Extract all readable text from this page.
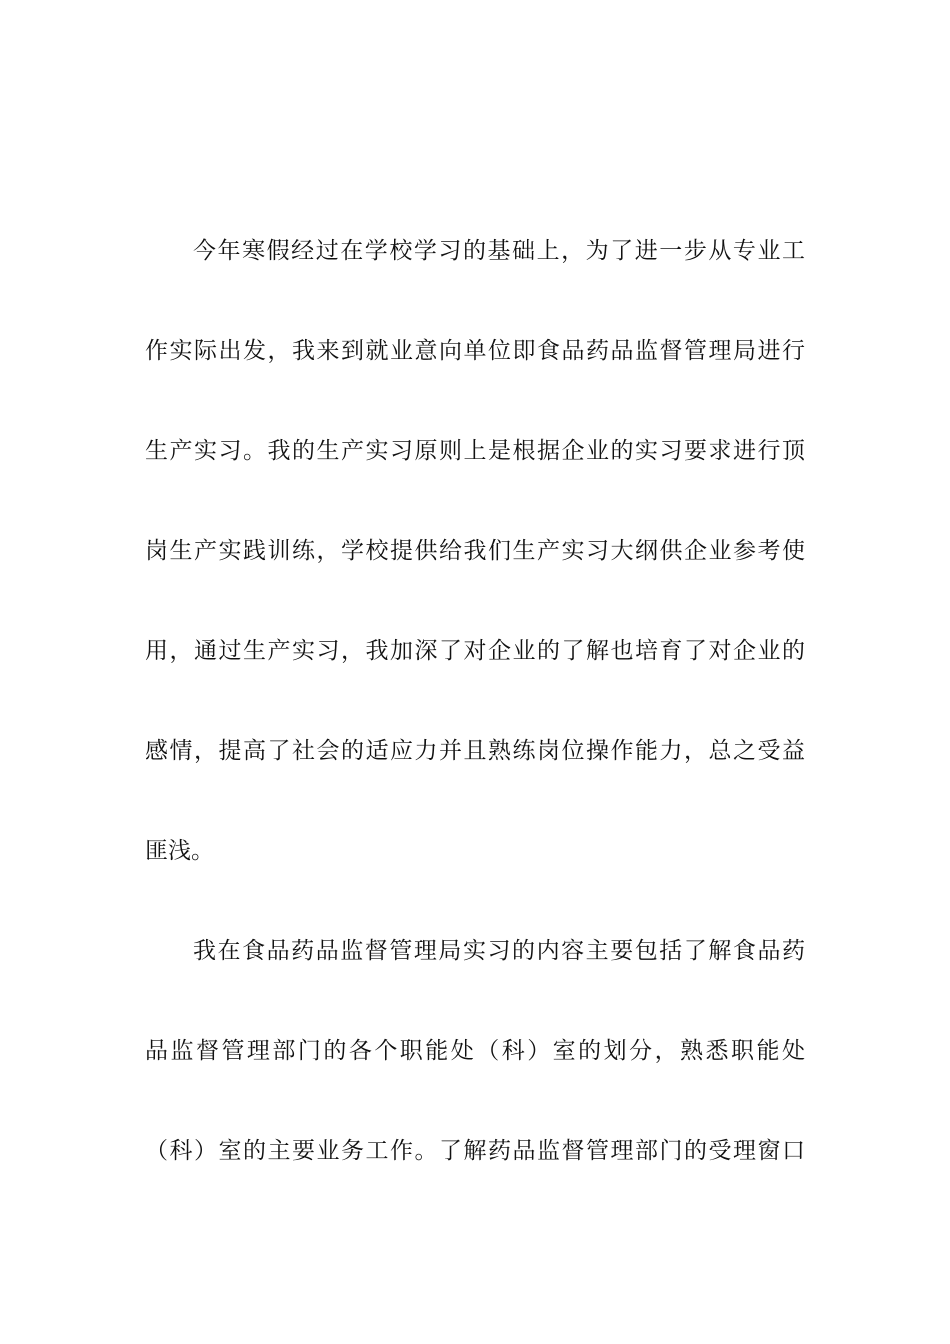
今年寒假经过在学校学习的基础上，为了进一步从专业工
作实际出发，我来到就业意向单位即食品药品监督管理局进行
生产实习。我的生产实习原则上是根据企业的实习要求进行顶
岗生产实践训练，学校提供给我们生产实习大纲供企业参考使
用，通过生产实习，我加深了对企业的了解也培育了对企业的
感情，提高了社会的适应力并且熟练岗位操作能力，总之受益
匪浅。
我在食品药品监督管理局实习的内容主要包括了解食品药
品监督管理部门的各个职能处（科）室的划分，熟悉职能处
（科）室的主要业务工作。了解药品监督管理部门的受理窗口
